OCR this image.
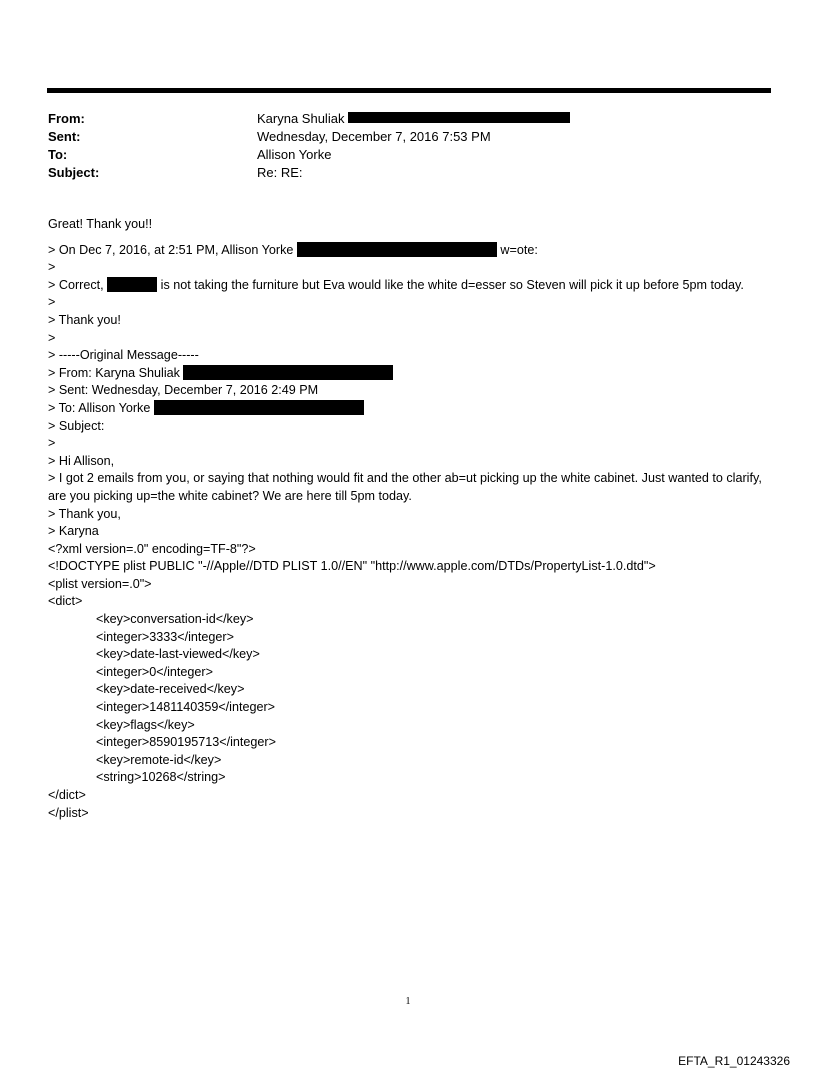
From:	Karyna Shuliak
Sent:	Wednesday, December 7, 2016 7:53 PM
To:	Allison Yorke
Subject:	Re: RE:
Great! Thank you!!
> On Dec 7, 2016, at 2:51 PM, Allison Yorke	w=ote:
>
> Correct,	is not taking the furniture but Eva would like the white d=esser so Steven will pick it up before 5pm today.
>
> Thank you!
>
> -----Original Message-----
> From: Karyna Shuliak
> Sent: Wednesday, December 7, 2016 2:49 PM
> To: Allison Yorke
> Subject:
>
> Hi Allison,
> I got 2 emails from you, or saying that nothing would fit and the other ab=ut picking up the white cabinet. Just wanted to clarify, are you picking up=the white cabinet? We are here till 5pm today.
> Thank you,
> Karyna
<?xml version=.0" encoding=TF-8"?>
<!DOCTYPE plist PUBLIC "-//Apple//DTD PLIST 1.0//EN" "http://www.apple.com/DTDs/PropertyList-1.0.dtd">
<plist version=.0">
<dict>
<key>conversation-id</key>
<integer>3333</integer>
<key>date-last-viewed</key>
<integer>0</integer>
<key>date-received</key>
<integer>1481140359</integer>
<key>flags</key>
<integer>8590195713</integer>
<key>remote-id</key>
<string>10268</string>
</dict>
</plist>
1
EFTA_R1_01243326
